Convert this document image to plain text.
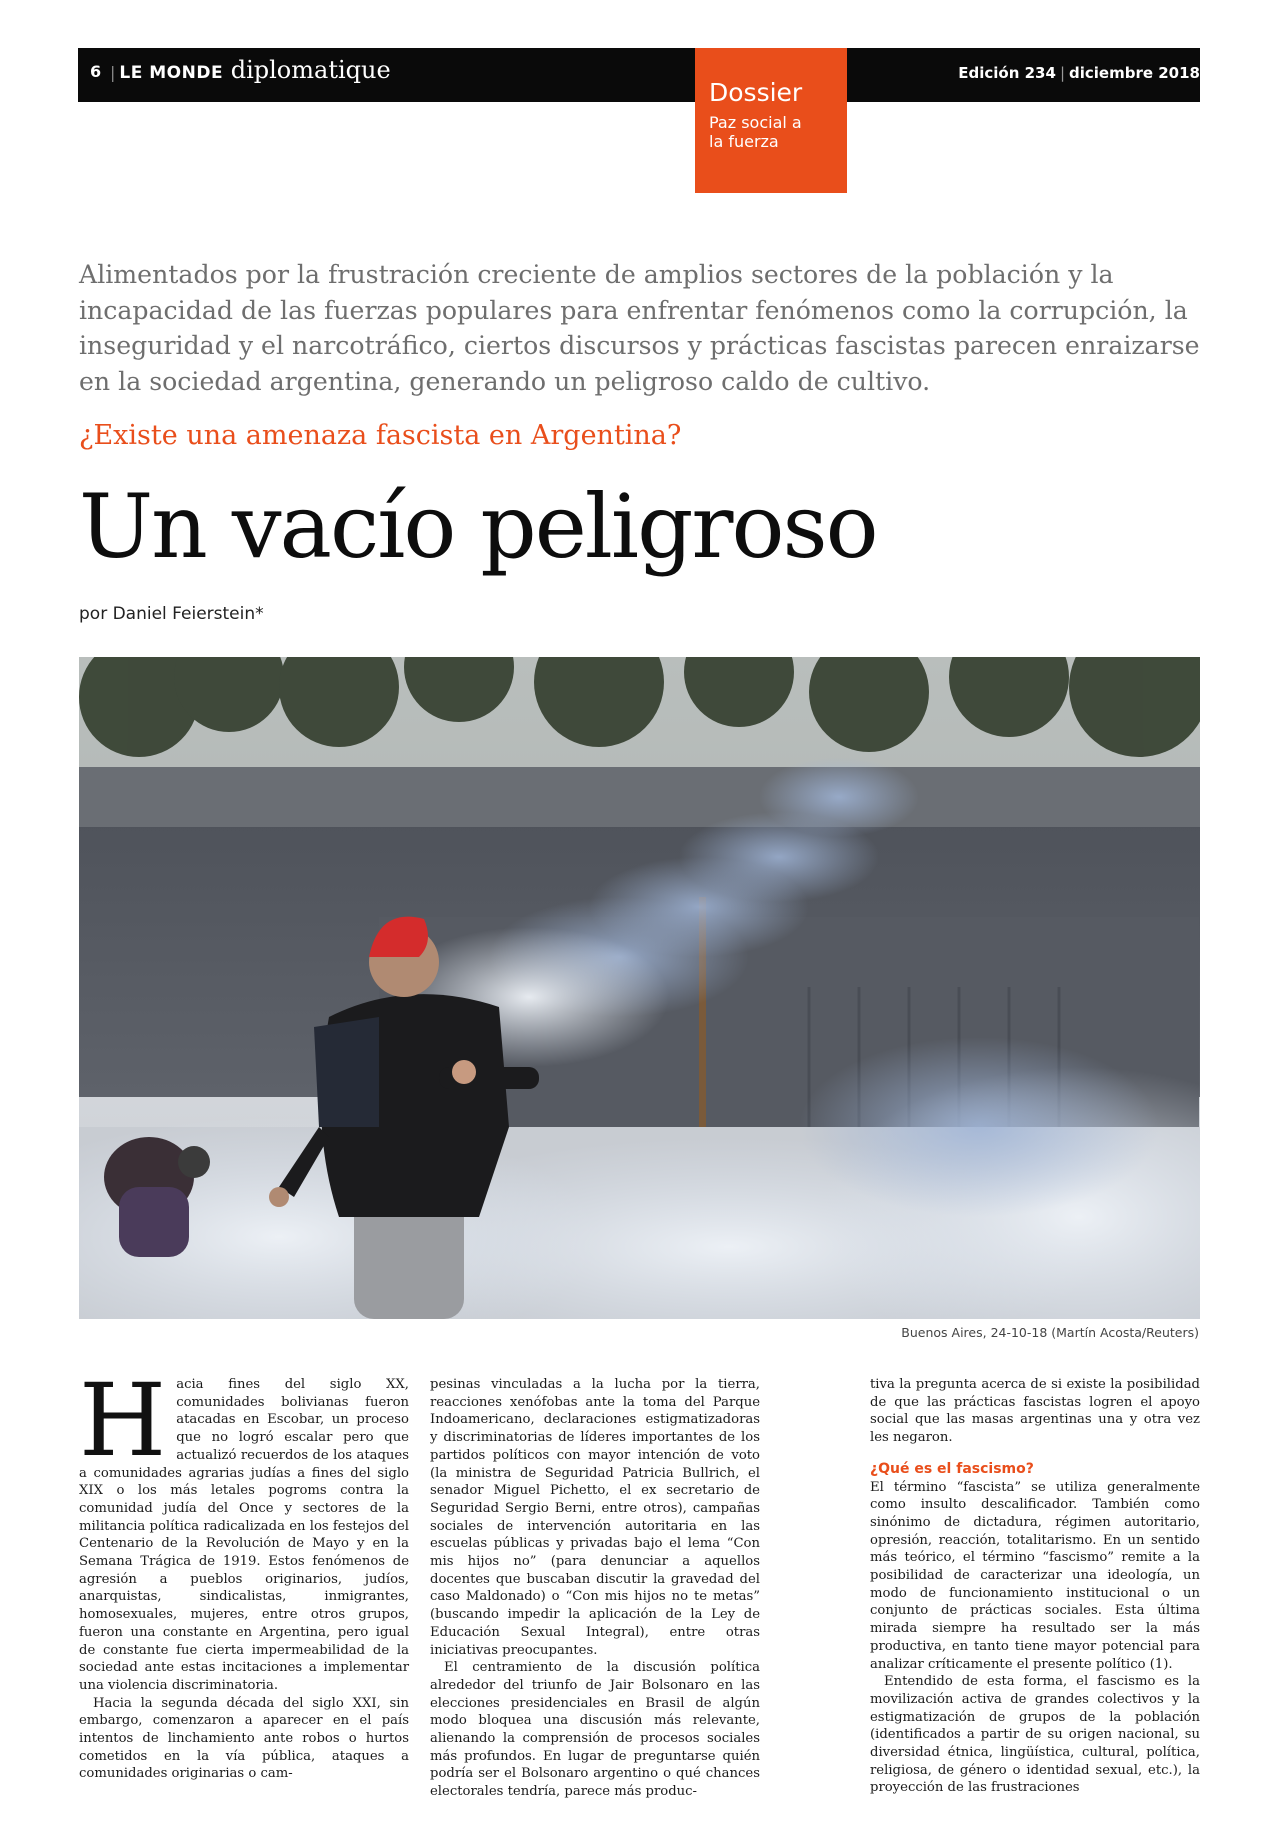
6 | LE MONDE diplomatique	Edición 234 | diciembre 2018
Dossier
Paz social a la fuerza

Alimentados por la frustración creciente de amplios sectores de la población y la incapacidad de las fuerzas populares para enfrentar fenómenos como la corrupción, la inseguridad y el narcotráfico, ciertos discursos y prácticas fascistas parecen enraizarse en la sociedad argentina, generando un peligroso caldo de cultivo.

¿Existe una amenaza fascista en Argentina?

Un vacío peligroso
por Daniel Feierstein*
Buenos Aires, 24-10-18 (Martín Acosta/Reuters)
H acia fines del siglo XX, comunidades bolivianas fueron atacadas en Escobar, un proceso que no logró escalar pero que actualizó recuerdos de los ataques a comunidades agrarias judías a fines del siglo XIX o los más letales pogroms contra la comunidad judía del Once y sectores de la militancia política radicalizada en los festejos del Centenario de la Revolución de Mayo y en la Semana Trágica de 1919. Estos fenómenos de agresión a pueblos originarios, judíos, anarquistas, sindicalistas, inmigrantes, homosexuales, mujeres, entre otros grupos, fueron una constante en Argentina, pero igual de constante fue cierta impermeabilidad de la sociedad ante estas incitaciones a implementar una violencia discriminatoria.

Hacia la segunda década del siglo XXI, sin embargo, comenzaron a aparecer en el país intentos de linchamiento ante robos o hurtos cometidos en la vía pública, ataques a comunidades originarias o cam-

pesinas vinculadas a la lucha por la tierra, reacciones xenófobas ante la toma del Parque Indoamericano, declaraciones estigmatizadoras y discriminatorias de líderes importantes de los partidos políticos con mayor intención de voto (la ministra de Seguridad Patricia Bullrich, el senador Miguel Pichetto, el ex secretario de Seguridad Sergio Berni, entre otros), campañas sociales de intervención autoritaria en las escuelas públicas y privadas bajo el lema “Con mis hijos no” (para denunciar a aquellos docentes que buscaban discutir la gravedad del caso Maldonado) o “Con mis hijos no te metas” (buscando impedir la aplicación de la Ley de Educación Sexual Integral), entre otras iniciativas preocupantes.

El centramiento de la discusión política alrededor del triunfo de Jair Bolsonaro en las elecciones presidenciales en Brasil de algún modo bloquea una discusión más relevante, alienando la comprensión de procesos sociales más profundos. En lugar de preguntarse quién podría ser el Bolsonaro argentino o qué chances electorales tendría, parece más produc-

tiva la pregunta acerca de si existe la posibilidad de que las prácticas fascistas logren el apoyo social que las masas argentinas una y otra vez les negaron.

¿Qué es el fascismo?

El término “fascista” se utiliza generalmente como insulto descalificador. También como sinónimo de dictadura, régimen autoritario, opresión, reacción, totalitarismo. En un sentido más teórico, el término “fascismo” remite a la posibilidad de caracterizar una ideología, un modo de funcionamiento institucional o un conjunto de prácticas sociales. Esta última mirada siempre ha resultado ser la más productiva, en tanto tiene mayor potencial para analizar críticamente el presente político (1).

Entendido de esta forma, el fascismo es la movilización activa de grandes colectivos y la estigmatización de grupos de la población (identificados a partir de su origen nacional, su diversidad étnica, lingüística, cultural, política, religiosa, de género o identidad sexual, etc.), la proyección de las frustraciones
